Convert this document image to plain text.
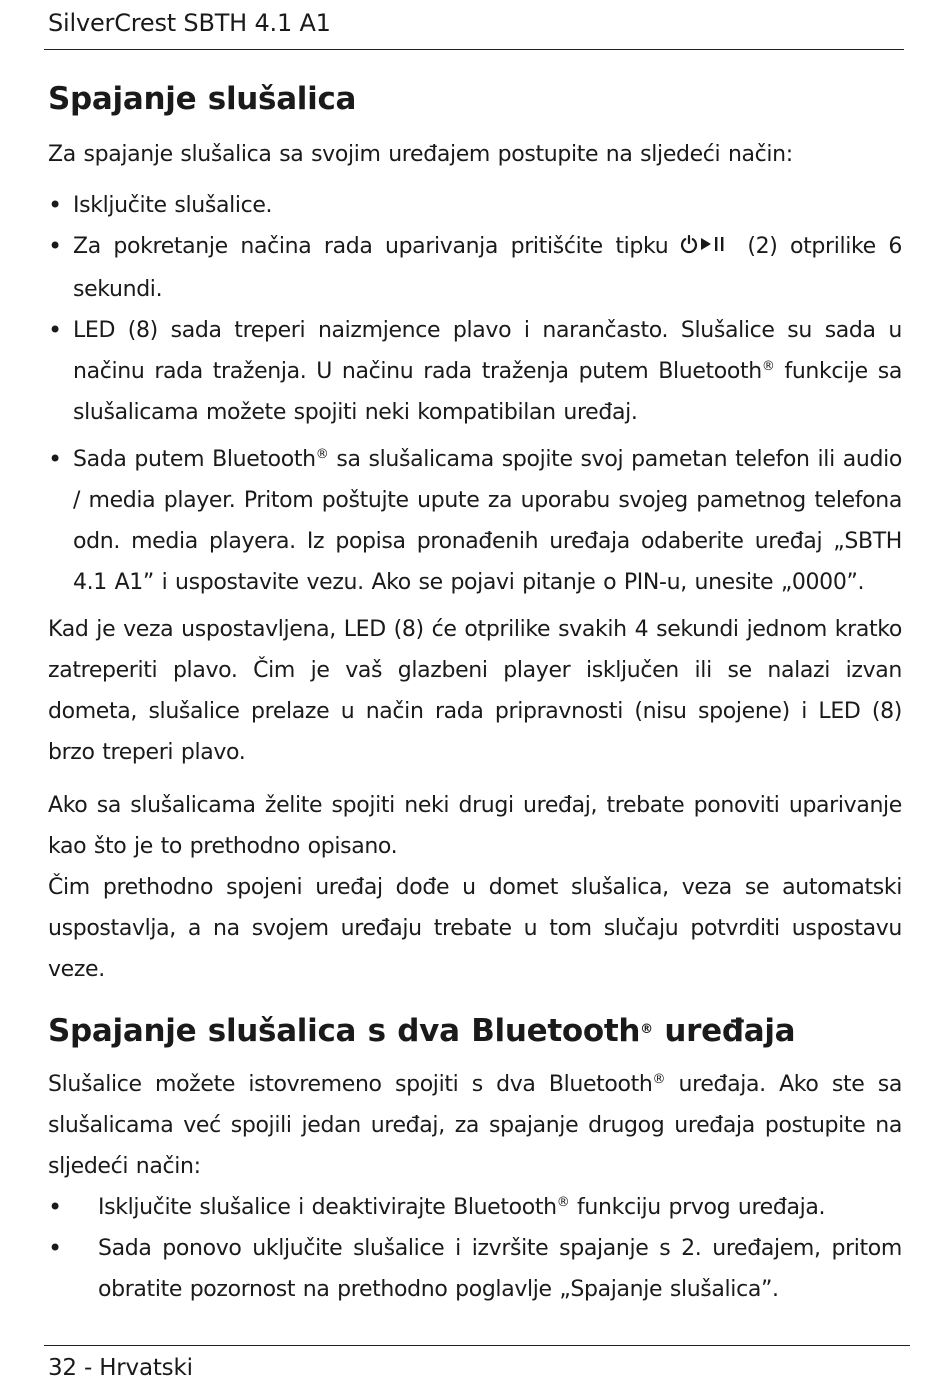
SilverCrest SBTH 4.1 A1
Spajanje slušalica

Za spajanje slušalica sa svojim uređajem postupite na sljedeći način:

• Isključite slušalice.
• Za pokretanje načina rada uparivanja pritišćite tipku	(2) otprilike 6 sekundi.
• LED (8) sada treperi naizmjence plavo i narančasto. Slušalice su sada u načinu rada traženja. U načinu rada traženja putem Bluetooth® funkcije sa slušalicama možete spojiti neki kompatibilan uređaj.
• Sada putem Bluetooth® sa slušalicama spojite svoj pametan telefon ili audio / media player. Pritom poštujte upute za uporabu svojeg pametnog telefona odn. media playera. Iz popisa pronađenih uređaja odaberite uređaj „SBTH 4.1 A1” i uspostavite vezu. Ako se pojavi pitanje o PIN-u, unesite „0000”.

Kad je veza uspostavljena, LED (8) će otprilike svakih 4 sekundi jednom kratko zatreperiti plavo. Čim je vaš glazbeni player isključen ili se nalazi izvan dometa, slušalice prelaze u način rada pripravnosti (nisu spojene) i LED (8) brzo treperi plavo.

Ako sa slušalicama želite spojiti neki drugi uređaj, trebate ponoviti uparivanje kao što je to prethodno opisano.

Čim prethodno spojeni uređaj dođe u domet slušalica, veza se automatski uspostavlja, a na svojem uređaju trebate u tom slučaju potvrditi uspostavu veze.

Spajanje slušalica s dva Bluetooth® uređaja

Slušalice možete istovremeno spojiti s dva Bluetooth® uređaja. Ako ste sa slušalicama već spojili jedan uređaj, za spajanje drugog uređaja postupite na sljedeći način:

• Isključite slušalice i deaktivirajte Bluetooth® funkciju prvog uređaja.
• Sada ponovo uključite slušalice i izvršite spajanje s 2. uređajem, pritom obratite pozornost na prethodno poglavlje „Spajanje slušalica”.
32 - Hrvatski
